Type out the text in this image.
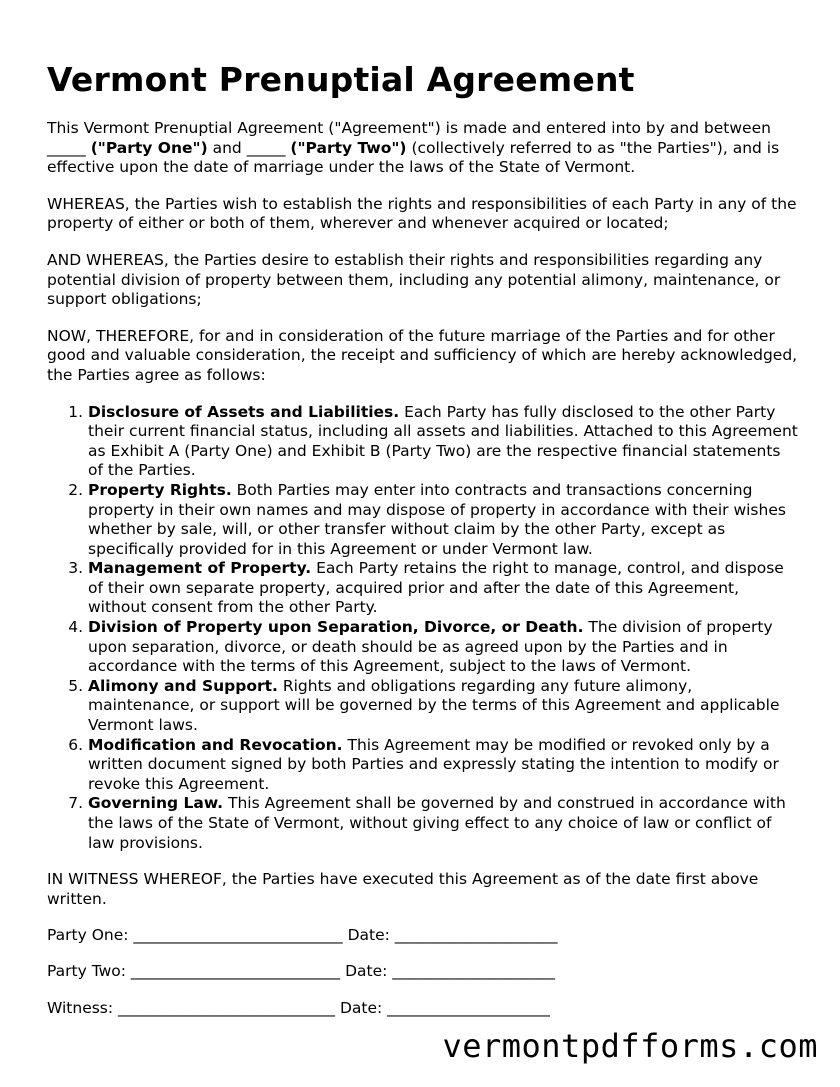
Vermont Prenuptial Agreement

This Vermont Prenuptial Agreement ("Agreement") is made and entered into by and between _____ ("Party One") and _____ ("Party Two") (collectively referred to as "the Parties"), and is effective upon the date of marriage under the laws of the State of Vermont.

WHEREAS, the Parties wish to establish the rights and responsibilities of each Party in any of the property of either or both of them, wherever and whenever acquired or located;

AND WHEREAS, the Parties desire to establish their rights and responsibilities regarding any potential division of property between them, including any potential alimony, maintenance, or support obligations;

NOW, THEREFORE, for and in consideration of the future marriage of the Parties and for other good and valuable consideration, the receipt and sufficiency of which are hereby acknowledged, the Parties agree as follows:

1. Disclosure of Assets and Liabilities. Each Party has fully disclosed to the other Party their current financial status, including all assets and liabilities. Attached to this Agreement as Exhibit A (Party One) and Exhibit B (Party Two) are the respective financial statements of the Parties.
2. Property Rights. Both Parties may enter into contracts and transactions concerning property in their own names and may dispose of property in accordance with their wishes whether by sale, will, or other transfer without claim by the other Party, except as specifically provided for in this Agreement or under Vermont law.
3. Management of Property. Each Party retains the right to manage, control, and dispose of their own separate property, acquired prior and after the date of this Agreement, without consent from the other Party.
4. Division of Property upon Separation, Divorce, or Death. The division of property upon separation, divorce, or death should be as agreed upon by the Parties and in accordance with the terms of this Agreement, subject to the laws of Vermont.
5. Alimony and Support. Rights and obligations regarding any future alimony, maintenance, or support will be governed by the terms of this Agreement and applicable Vermont laws.
6. Modification and Revocation. This Agreement may be modified or revoked only by a written document signed by both Parties and expressly stating the intention to modify or revoke this Agreement.
7. Governing Law. This Agreement shall be governed by and construed in accordance with the laws of the State of Vermont, without giving effect to any choice of law or conflict of law provisions.

IN WITNESS WHEREOF, the Parties have executed this Agreement as of the date first above written.

Party One: ___________________________ Date: _____________________
Party Two: ___________________________ Date: _____________________
Witness: ____________________________ Date: _____________________
vermontpdfforms.com
